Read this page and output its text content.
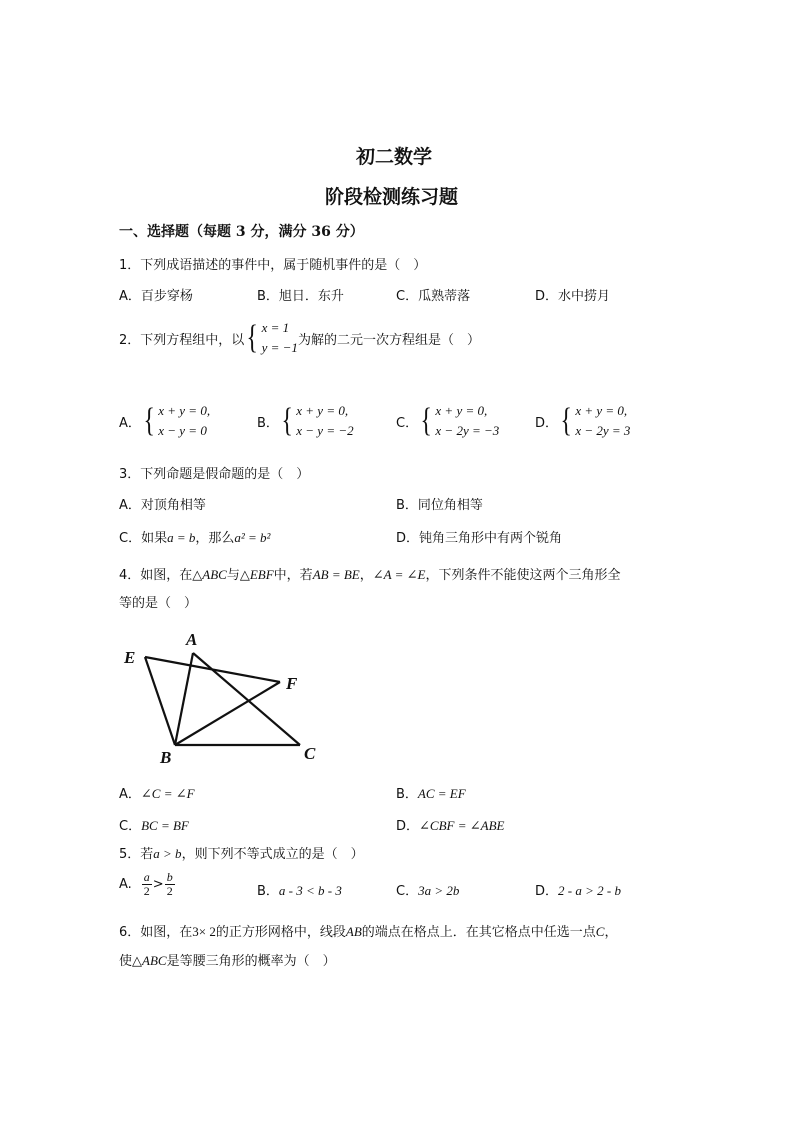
初二数学
阶段检测练习题
一、选择题（每题 3 分，满分 36 分）
1．下列成语描述的事件中，属于随机事件的是（　）
A．百步穿杨	B．旭日．东升	C．瓜熟蒂落	D．水中捞月
2．下列方程组中，以 { x = 1
y = −1 为解的二元一次方程组是（　）
A． { x + y = 0,
x − y = 0	B． { x + y = 0,
x − y = −2	C． { x + y = 0,
x − 2y = −3	D． { x + y = 0,
x − 2y = 3
3．下列命题是假命题的是（　）
A．对顶角相等	B．同位角相等
C．如果a = b，那么a² = b²	D．钝角三角形中有两个锐角
4．如图，在△ABC与△EBF中，若AB = BE，∠A = ∠E，下列条件不能使这两个三角形全
等的是（　）
E
A
F
B	C
A．∠C = ∠F	B．AC = EF
C．BC = BF	D．∠CBF = ∠ABE
5．若a > b，则下列不等式成立的是（　）
A. $\frac{a}{2} > \frac{b}{2}$	B．a - 3 < b - 3	C．3a > 2b	D．2 - a > 2 - b
6．如图，在3× 2的正方形网格中，线段AB的端点在格点上．在其它格点中任选一点C，
使△ABC是等腰三角形的概率为（　）
